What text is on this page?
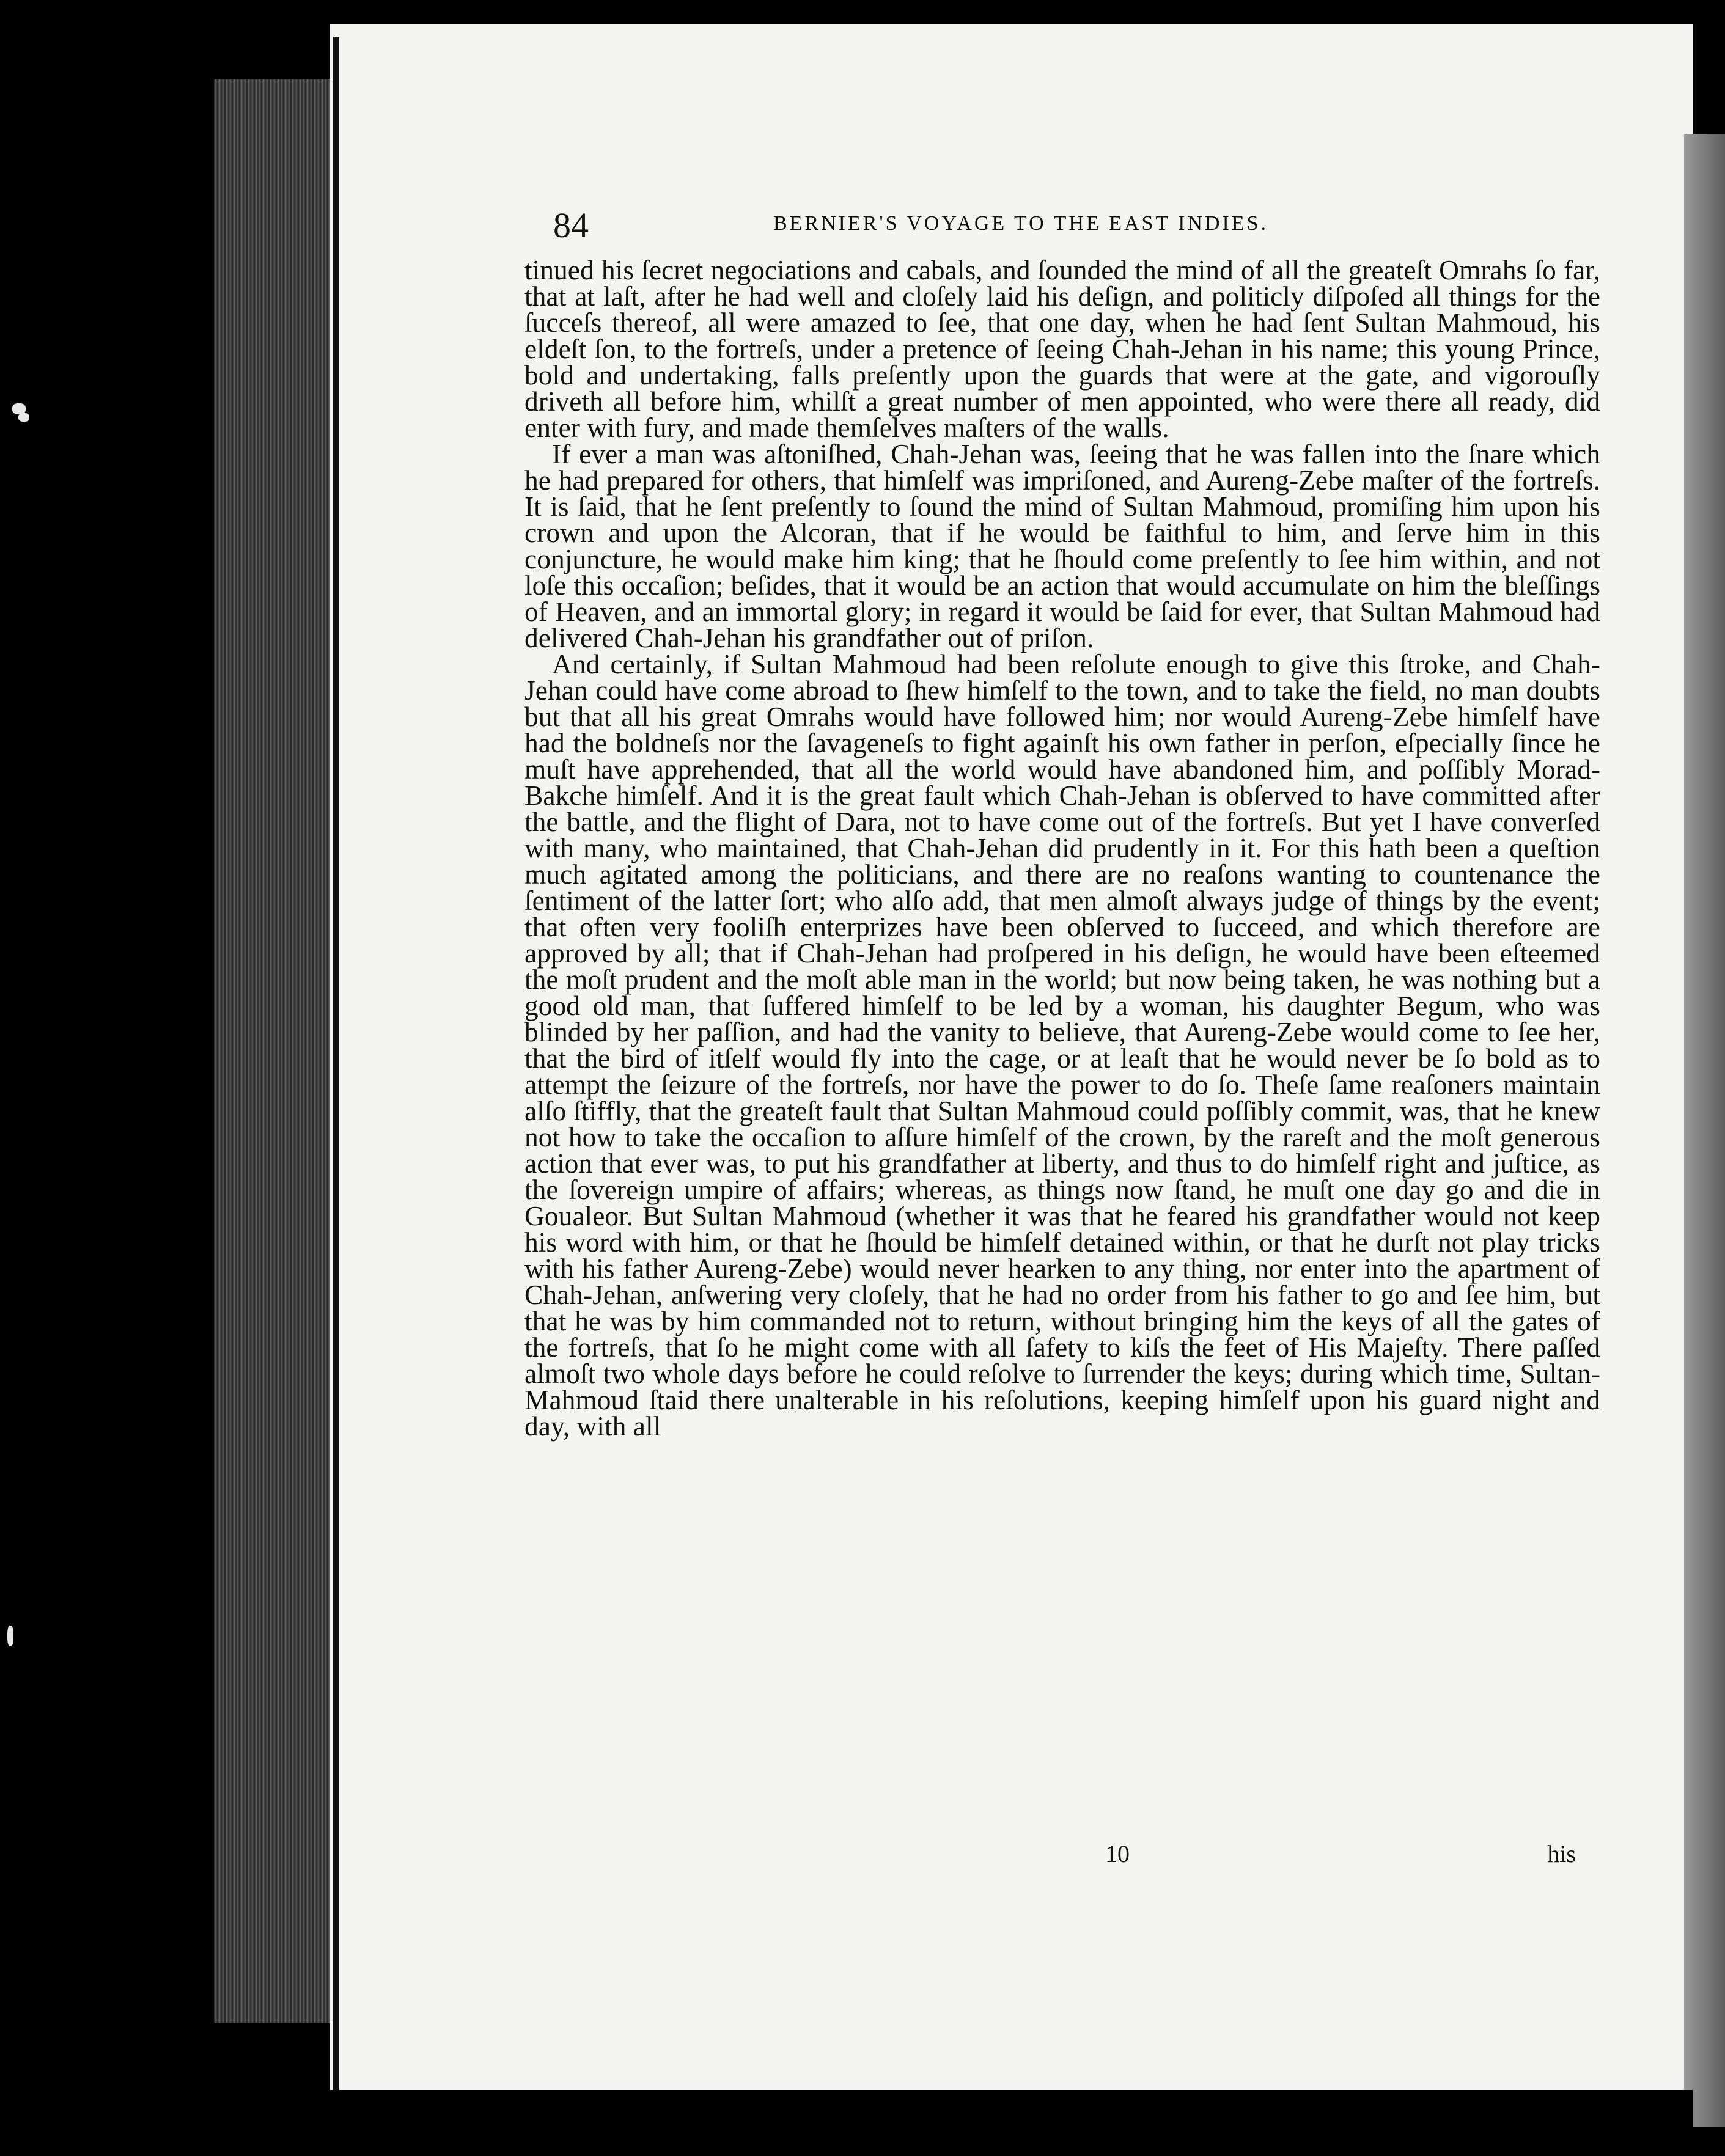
84	BERNIER'S VOYAGE TO THE EAST INDIES.

tinued his ſecret negociations and cabals, and ſounded the mind of all the greateſt Omrahs ſo far, that at laſt, after he had well and cloſely laid his deſign, and politicly diſpoſed all things for the ſucceſs thereof, all were amazed to ſee, that one day, when he had ſent Sultan Mahmoud, his eldeſt ſon, to the fortreſs, under a pretence of ſeeing Chah-Jehan in his name; this young Prince, bold and undertaking, falls preſently upon the guards that were at the gate, and vigorouſly driveth all before him, whilſt a great number of men appointed, who were there all ready, did enter with fury, and made themſelves maſters of the walls.

If ever a man was aſtoniſhed, Chah-Jehan was, ſeeing that he was fallen into the ſnare which he had prepared for others, that himſelf was impriſoned, and Aureng-Zebe maſter of the fortreſs. It is ſaid, that he ſent preſently to ſound the mind of Sultan Mahmoud, promiſing him upon his crown and upon the Alcoran, that if he would be faithful to him, and ſerve him in this conjuncture, he would make him king; that he ſhould come preſently to ſee him within, and not loſe this occaſion; beſides, that it would be an action that would accumulate on him the bleſſings of Heaven, and an immortal glory; in regard it would be ſaid for ever, that Sultan Mahmoud had delivered Chah-Jehan his grandfather out of priſon.

And certainly, if Sultan Mahmoud had been reſolute enough to give this ſtroke, and Chah-Jehan could have come abroad to ſhew himſelf to the town, and to take the field, no man doubts but that all his great Omrahs would have followed him; nor would Aureng-Zebe himſelf have had the boldneſs nor the ſavageneſs to fight againſt his own father in perſon, eſpecially ſince he muſt have apprehended, that all the world would have abandoned him, and poſſibly Morad-Bakche himſelf. And it is the great fault which Chah-Jehan is obſerved to have committed after the battle, and the flight of Dara, not to have come out of the fortreſs. But yet I have converſed with many, who maintained, that Chah-Jehan did prudently in it. For this hath been a queſtion much agitated among the politicians, and there are no reaſons wanting to countenance the ſentiment of the latter ſort; who alſo add, that men almoſt always judge of things by the event; that often very fooliſh enterprizes have been obſerved to ſucceed, and which therefore are approved by all; that if Chah-Jehan had proſpered in his deſign, he would have been eſteemed the moſt prudent and the moſt able man in the world; but now being taken, he was nothing but a good old man, that ſuffered himſelf to be led by a woman, his daughter Begum, who was blinded by her paſſion, and had the vanity to believe, that Aureng-Zebe would come to ſee her, that the bird of itſelf would fly into the cage, or at leaſt that he would never be ſo bold as to attempt the ſeizure of the fortreſs, nor have the power to do ſo. Theſe ſame reaſoners maintain alſo ſtiffly, that the greateſt fault that Sultan Mahmoud could poſſibly commit, was, that he knew not how to take the occaſion to aſſure himſelf of the crown, by the rareſt and the moſt generous action that ever was, to put his grandfather at liberty, and thus to do himſelf right and juſtice, as the ſovereign umpire of affairs; whereas, as things now ſtand, he muſt one day go and die in Goualeor. But Sultan Mahmoud (whether it was that he feared his grandfather would not keep his word with him, or that he ſhould be himſelf detained within, or that he durſt not play tricks with his father Aureng-Zebe) would never hearken to any thing, nor enter into the apartment of Chah-Jehan, anſwering very cloſely, that he had no order from his father to go and ſee him, but that he was by him commanded not to return, without bringing him the keys of all the gates of the fortreſs, that ſo he might come with all ſafety to kiſs the feet of His Majeſty. There paſſed almoſt two whole days before he could reſolve to ſurrender the keys; during which time, Sultan-Mahmoud ſtaid there unalterable in his reſolutions, keeping himſelf upon his guard night and day, with all

10	his
